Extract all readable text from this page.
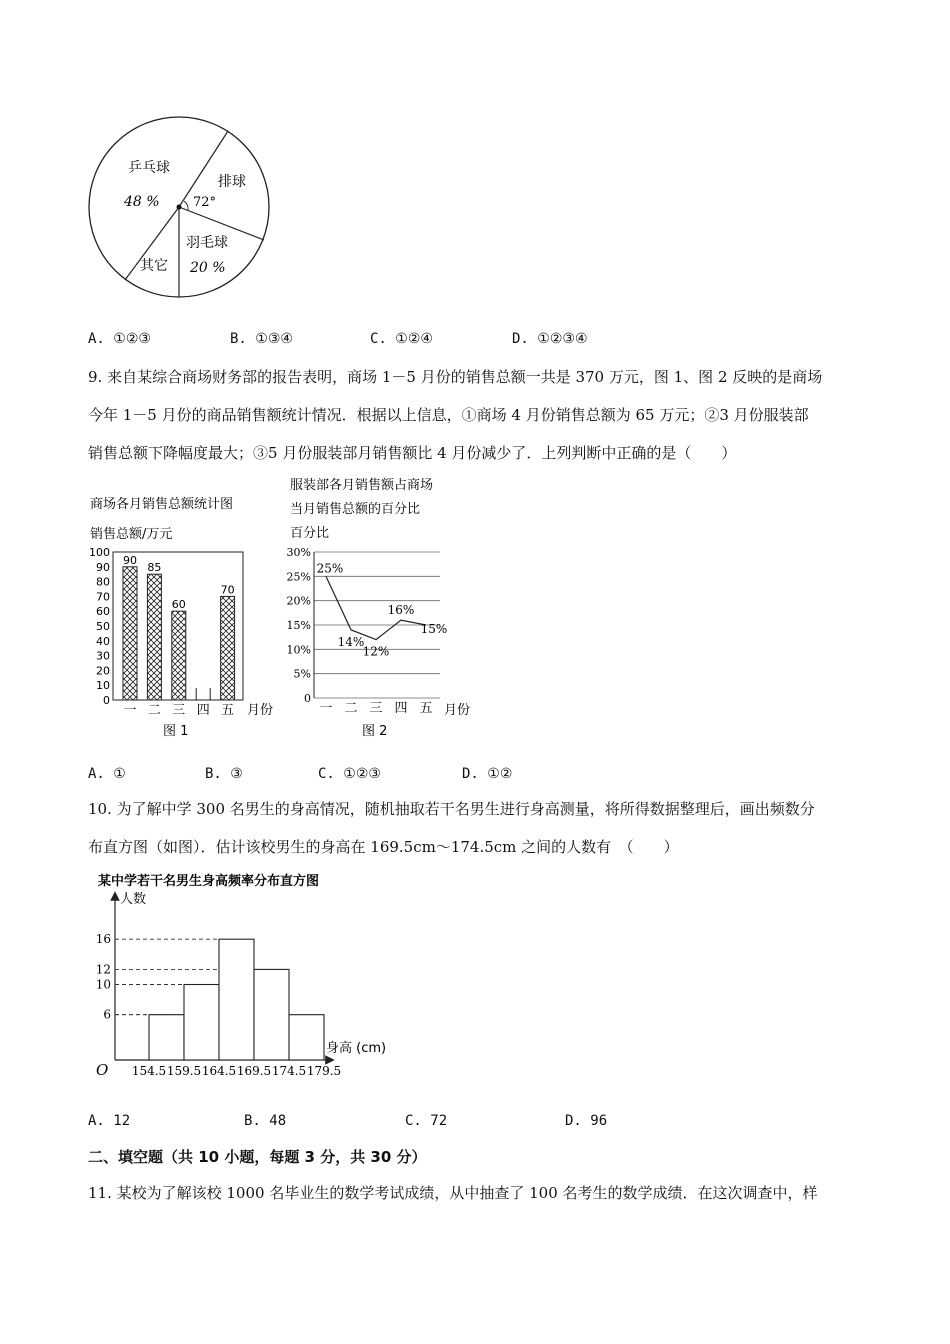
乒乓球
48 %
排球
72°
羽毛球
20 %
其它
A. ①②③	B. ①③④	C. ①②④	D. ①②③④
9. 来自某综合商场财务部的报告表明，商场 1－5 月份的销售总额一共是 370 万元，图 1、图 2 反映的是商场
今年 1－5 月份的商品销售额统计情况．根据以上信息，①商场 4 月份销售总额为 65 万元；②3 月份服装部
销售总额下降幅度最大；③5 月份服装部月销售额比 4 月份减少了．上列判断中正确的是（　　）
商场各月销售总额统计图
销售总额/万元
0
10
20
30
40
50
60
70
80
90
100
90
一
85
二
60
三 四
70
五 月份
图 1
服装部各月销售额占商场
当月销售总额的百分比
百分比
0
5%
10%
15%
20%
25%
30%
一 二 三 四 五
25%
14%
12%
16%
15%
月份
图 2
A. ①	B. ③	C. ①②③	D. ①②
10. 为了解中学 300 名男生的身高情况，随机抽取若干名男生进行身高测量，将所得数据整理后，画出频数分
布直方图（如图）．估计该校男生的身高在 169.5cm～174.5cm 之间的人数有　（　　）
某中学若干名男生身高频率分布直方图
人数
O
身高 (cm)
6
10
12
16
154.5 159.5 164.5 169.5 174.5 179.5
A. 12	B. 48	C. 72	D. 96
二、填空题（共 10 小题，每题 3 分，共 30 分）
11. 某校为了解该校 1000 名毕业生的数学考试成绩，从中抽查了 100 名考生的数学成绩．在这次调查中，样
